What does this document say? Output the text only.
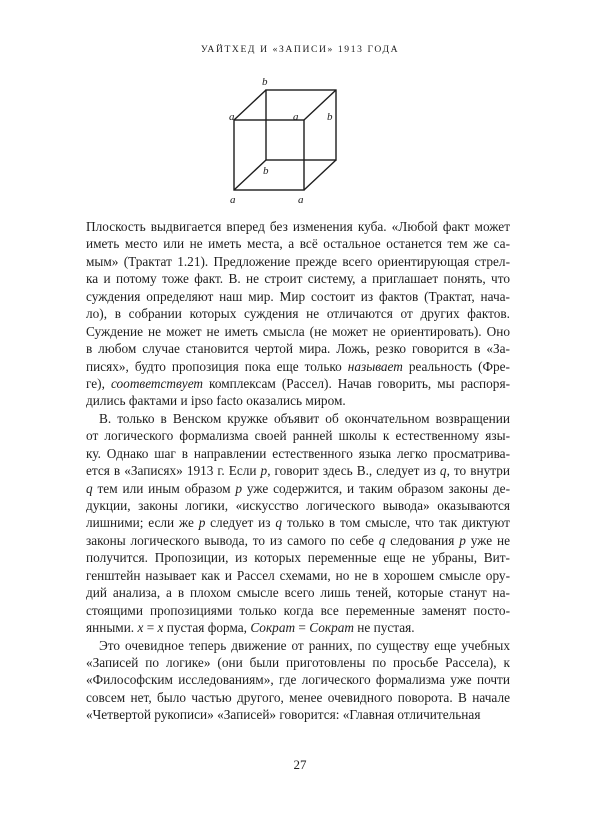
УАЙТХЕД И «ЗАПИСИ» 1913 ГОДА
b
a	a	b
b
a	a
Плоскость выдвигается вперед без изменения куба. «Любой факт может
иметь место или не иметь места, а всё остальное останется тем же са-
мым» (Трактат 1.21). Предложение прежде всего ориентирующая стрел-
ка и потому тоже факт. В. не строит систему, а приглашает понять, что
суждения определяют наш мир. Мир состоит из фактов (Трактат, нача-
ло), в собрании которых суждения не отличаются от других фактов.
Суждение не может не иметь смысла (не может не ориентировать). Оно
в любом случае становится чертой мира. Ложь, резко говорится в «За-
писях», будто пропозиция пока еще только называет реальность (Фре-
ге), соответствует комплексам (Рассел). Начав говорить, мы распоря-
дились фактами и ipso facto оказались миром.
В. только в Венском кружке объявит об окончательном возвращении
от логического формализма своей ранней школы к естественному язы-
ку. Однако шаг в направлении естественного языка легко просматрива-
ется в «Записях» 1913 г. Если p, говорит здесь В., следует из q, то внутри
q тем или иным образом p уже содержится, и таким образом законы де-
дукции, законы логики, «искусство логического вывода» оказываются
лишними; если же p следует из q только в том смысле, что так диктуют
законы логического вывода, то из самого по себе q следования p уже не
получится. Пропозиции, из которых переменные еще не убраны, Вит-
генштейн называет как и Рассел схемами, но не в хорошем смысле ору-
дий анализа, а в плохом смысле всего лишь теней, которые станут на-
стоящими пропозициями только когда все переменные заменят посто-
янными. x = x пустая форма, Сократ = Сократ не пустая.
Это очевидное теперь движение от ранних, по существу еще учебных
«Записей по логике» (они были приготовлены по просьбе Рассела), к
«Философским исследованиям», где логического формализма уже почти
совсем нет, было частью другого, менее очевидного поворота. В начале
«Четвертой рукописи» «Записей» говорится: «Главная отличительная
27
